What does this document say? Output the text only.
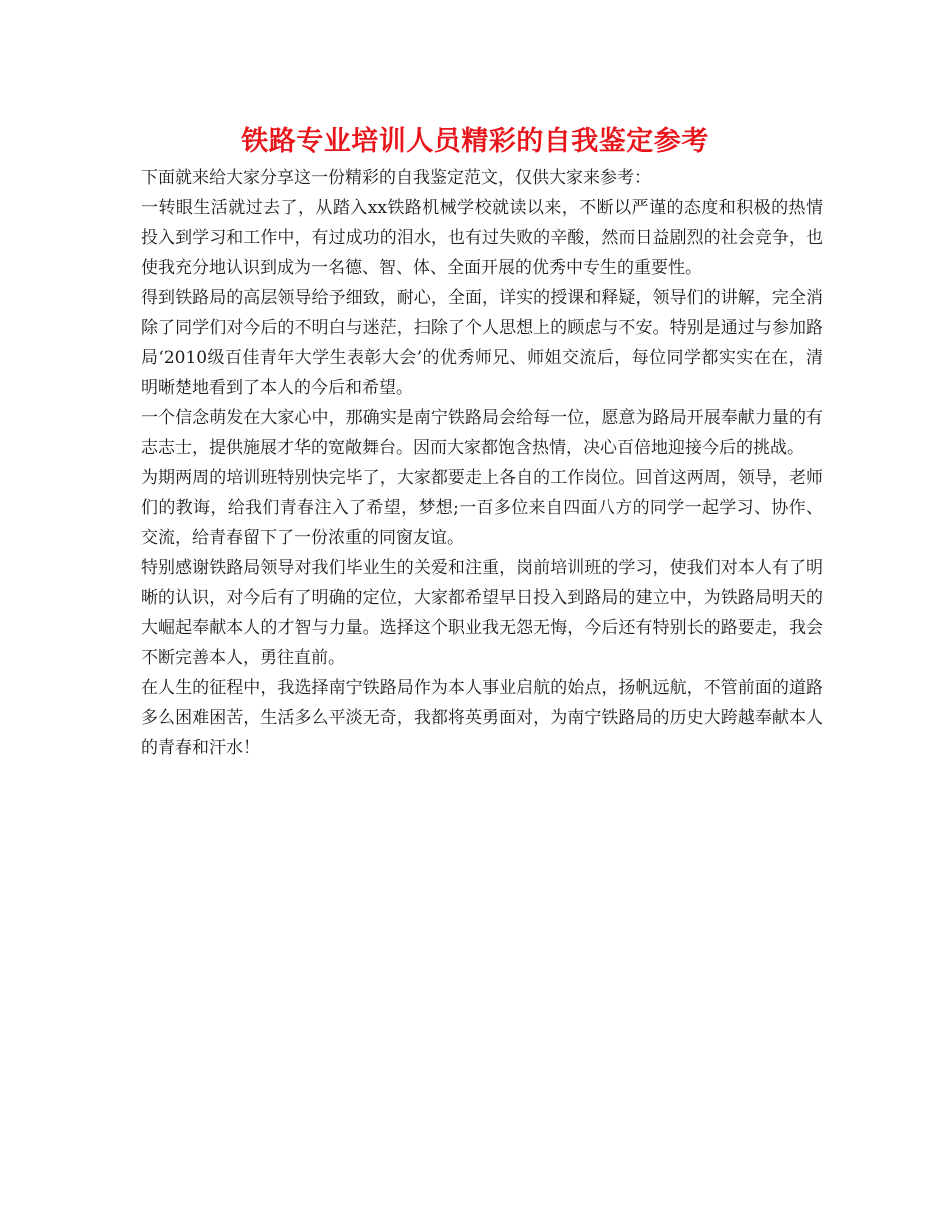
铁路专业培训人员精彩的自我鉴定参考

下面就来给大家分享这一份精彩的自我鉴定范文，仅供大家来参考：

一转眼生活就过去了，从踏入xx铁路机械学校就读以来，不断以严谨的态度和积极的热情投入到学习和工作中，有过成功的泪水，也有过失败的辛酸，然而日益剧烈的社会竞争，也使我充分地认识到成为一名德、智、体、全面开展的优秀中专生的重要性。

得到铁路局的高层领导给予细致，耐心，全面，详实的授课和释疑，领导们的讲解，完全消除了同学们对今后的不明白与迷茫，扫除了个人思想上的顾虑与不安。特别是通过与参加路局‘2010级百佳青年大学生表彰大会’的优秀师兄、师姐交流后，每位同学都实实在在，清明晰楚地看到了本人的今后和希望。

一个信念萌发在大家心中，那确实是南宁铁路局会给每一位，愿意为路局开展奉献力量的有志志士，提供施展才华的宽敞舞台。因而大家都饱含热情，决心百倍地迎接今后的挑战。

为期两周的培训班特别快完毕了，大家都要走上各自的工作岗位。回首这两周，领导，老师们的教诲，给我们青春注入了希望，梦想;一百多位来自四面八方的同学一起学习、协作、交流，给青春留下了一份浓重的同窗友谊。

特别感谢铁路局领导对我们毕业生的关爱和注重，岗前培训班的学习，使我们对本人有了明晰的认识，对今后有了明确的定位，大家都希望早日投入到路局的建立中，为铁路局明天的大崛起奉献本人的才智与力量。选择这个职业我无怨无悔，今后还有特别长的路要走，我会不断完善本人，勇往直前。

在人生的征程中，我选择南宁铁路局作为本人事业启航的始点，扬帆远航，不管前面的道路多么困难困苦，生活多么平淡无奇，我都将英勇面对，为南宁铁路局的历史大跨越奉献本人的青春和汗水！
